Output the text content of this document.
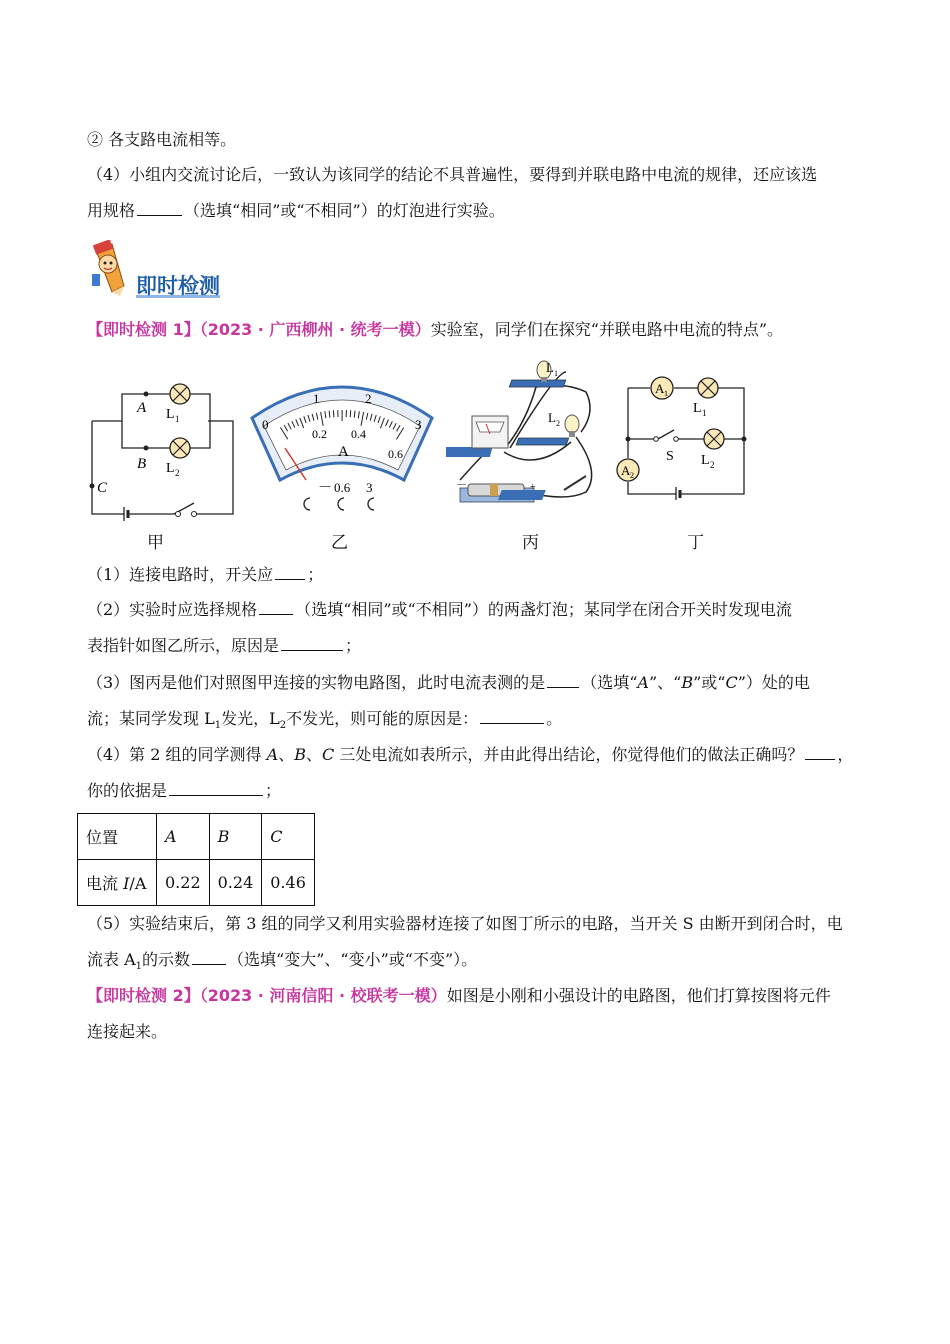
② 各支路电流相等。
（4）小组内交流讨论后，一致认为该同学的结论不具普遍性，要得到并联电路中电流的规律，还应该选
用规格	（选填“相同”或“不相同”）的灯泡进行实验。
即时检测
【即时检测 1】（2023 · 广西柳州 · 统考一模）实验室，同学们在探究“并联电路中电流的特点”。
A
B
C
L 1
L 2
0
1	2
3
0.2 0.4
0.6
A
－ 0.6 3
L 1
L 2
－	+
A 1
A 2
L 1
L 2
S
甲	乙	丙	丁
（1）连接电路时，开关应 ；
（2）实验时应选择规格 （选填“相同”或“不相同”）的两盏灯泡；某同学在闭合开关时发现电流
表指针如图乙所示，原因是	；
（3）图丙是他们对照图甲连接的实物电路图，此时电流表测的是 （选填“A”、“B”或“C”）处的电
流；某同学发现 $L_1$发光，$L_2$不发光，则可能的原因是：	。
（4）第 2 组的同学测得 A、B、C 三处电流如表所示，并由此得出结论，你觉得他们的做法正确吗？ ，
你的依据是	；
位置	A	B	C
电流 I/A	0.22	0.24	0.46
（5）实验结束后，第 3 组的同学又利用实验器材连接了如图丁所示的电路，当开关 S 由断开到闭合时，电
流表 $A_1$的示数 （选填“变大”、“变小”或“不变”）。
【即时检测 2】（2023 · 河南信阳 · 校联考一模）如图是小刚和小强设计的电路图，他们打算按图将元件
连接起来。
